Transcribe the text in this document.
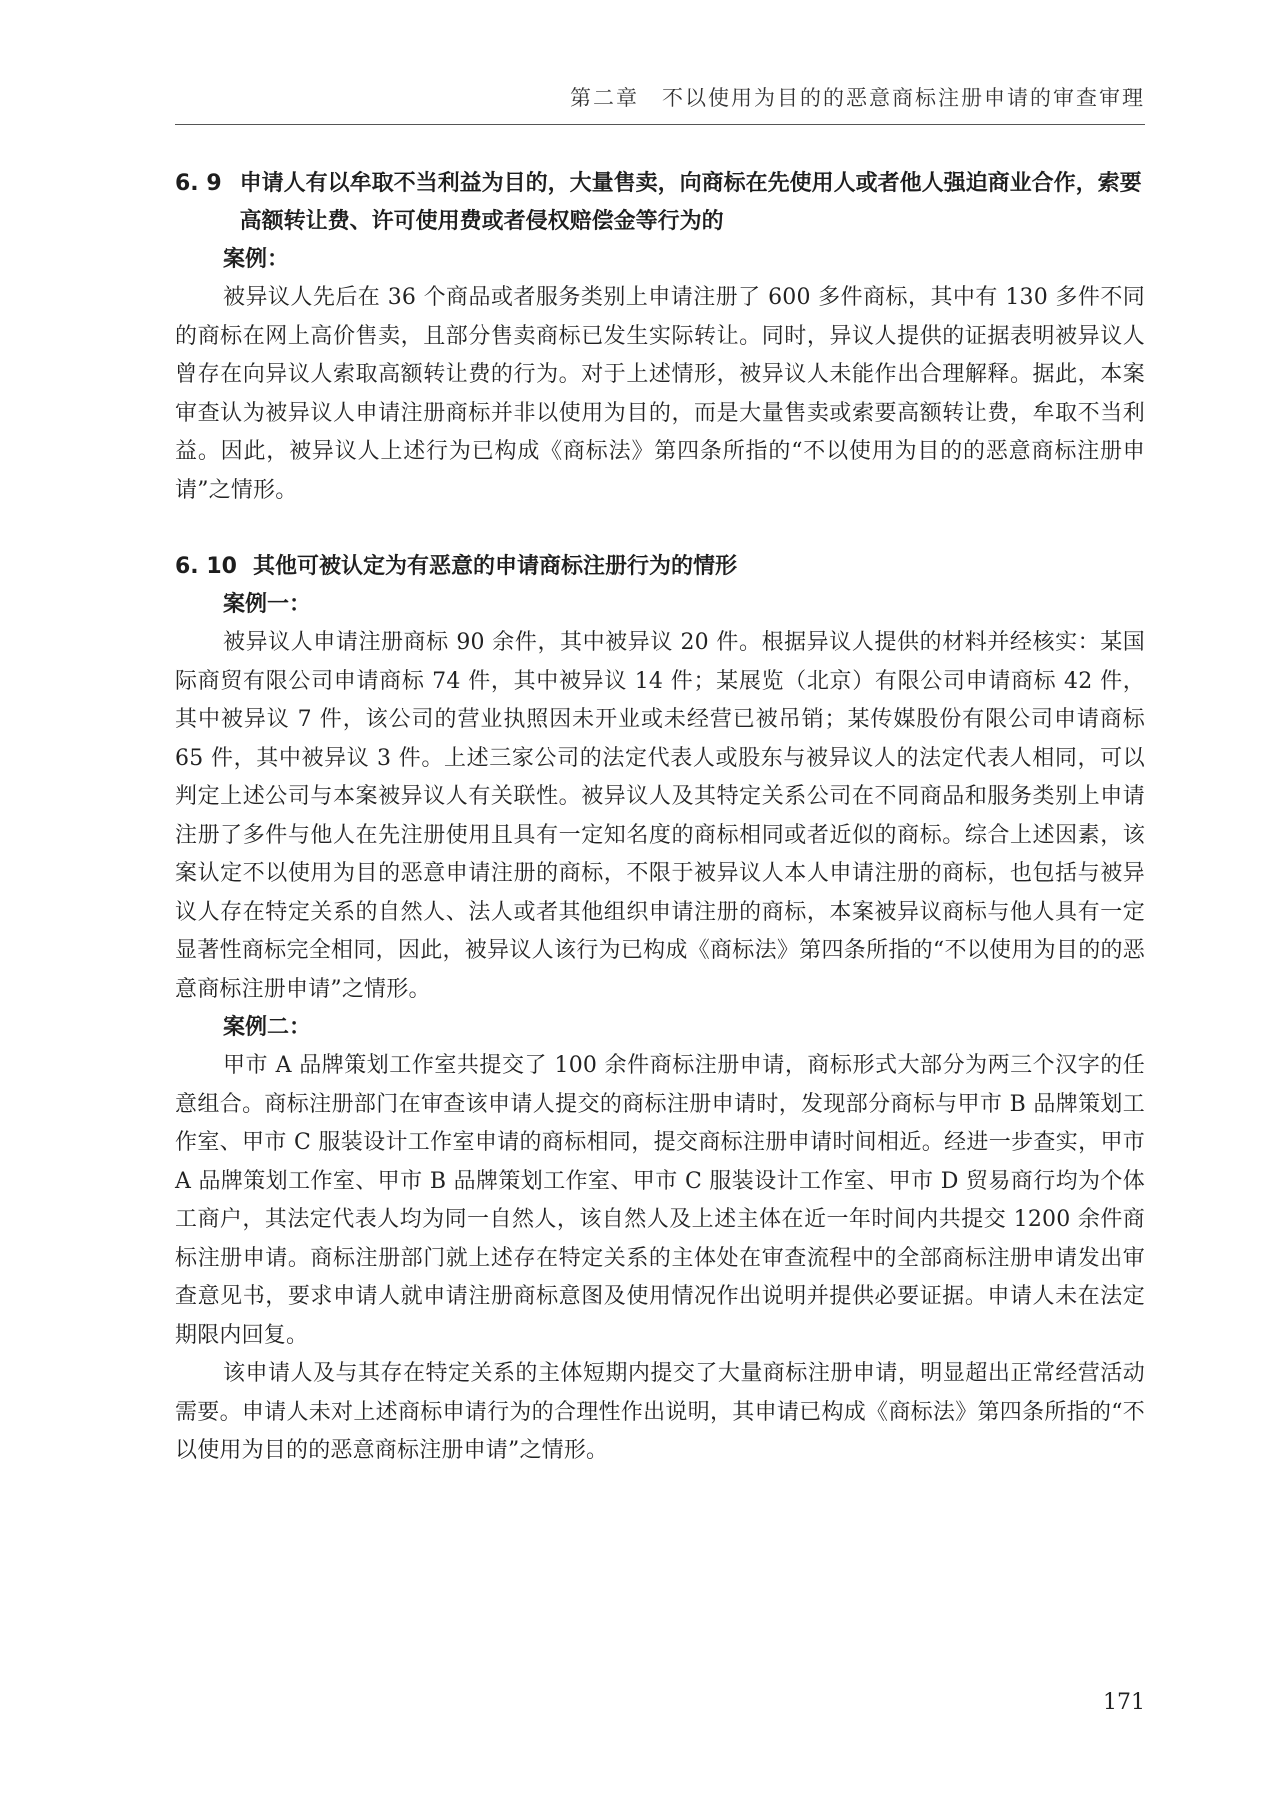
第二章　不以使用为目的的恶意商标注册申请的审查审理
6. 9 申请人有以牟取不当利益为目的，大量售卖，向商标在先使用人或者他人强迫商业合作，索要高额转让费、许可使用费或者侵权赔偿金等行为的
案例：

被异议人先后在 36 个商品或者服务类别上申请注册了 600 多件商标，其中有 130 多件不同的商标在网上高价售卖，且部分售卖商标已发生实际转让。同时，异议人提供的证据表明被异议人曾存在向异议人索取高额转让费的行为。对于上述情形，被异议人未能作出合理解释。据此，本案审查认为被异议人申请注册商标并非以使用为目的，而是大量售卖或索要高额转让费，牟取不当利益。因此，被异议人上述行为已构成《商标法》第四条所指的“不以使用为目的的恶意商标注册申请”之情形。

6. 10 其他可被认定为有恶意的申请商标注册行为的情形
案例一：

被异议人申请注册商标 90 余件，其中被异议 20 件。根据异议人提供的材料并经核实：某国际商贸有限公司申请商标 74 件，其中被异议 14 件；某展览（北京）有限公司申请商标 42 件，其中被异议 7 件，该公司的营业执照因未开业或未经营已被吊销；某传媒股份有限公司申请商标 65 件，其中被异议 3 件。上述三家公司的法定代表人或股东与被异议人的法定代表人相同，可以判定上述公司与本案被异议人有关联性。被异议人及其特定关系公司在不同商品和服务类别上申请注册了多件与他人在先注册使用且具有一定知名度的商标相同或者近似的商标。综合上述因素，该案认定不以使用为目的恶意申请注册的商标，不限于被异议人本人申请注册的商标，也包括与被异议人存在特定关系的自然人、法人或者其他组织申请注册的商标，本案被异议商标与他人具有一定显著性商标完全相同，因此，被异议人该行为已构成《商标法》第四条所指的“不以使用为目的的恶意商标注册申请”之情形。

案例二：

甲市 A 品牌策划工作室共提交了 100 余件商标注册申请，商标形式大部分为两三个汉字的任意组合。商标注册部门在审查该申请人提交的商标注册申请时，发现部分商标与甲市 B 品牌策划工作室、甲市 C 服装设计工作室申请的商标相同，提交商标注册申请时间相近。经进一步查实，甲市 A 品牌策划工作室、甲市 B 品牌策划工作室、甲市 C 服装设计工作室、甲市 D 贸易商行均为个体工商户，其法定代表人均为同一自然人，该自然人及上述主体在近一年时间内共提交 1200 余件商标注册申请。商标注册部门就上述存在特定关系的主体处在审查流程中的全部商标注册申请发出审查意见书，要求申请人就申请注册商标意图及使用情况作出说明并提供必要证据。申请人未在法定期限内回复。

该申请人及与其存在特定关系的主体短期内提交了大量商标注册申请，明显超出正常经营活动需要。申请人未对上述商标申请行为的合理性作出说明，其申请已构成《商标法》第四条所指的“不以使用为目的的恶意商标注册申请”之情形。

171
